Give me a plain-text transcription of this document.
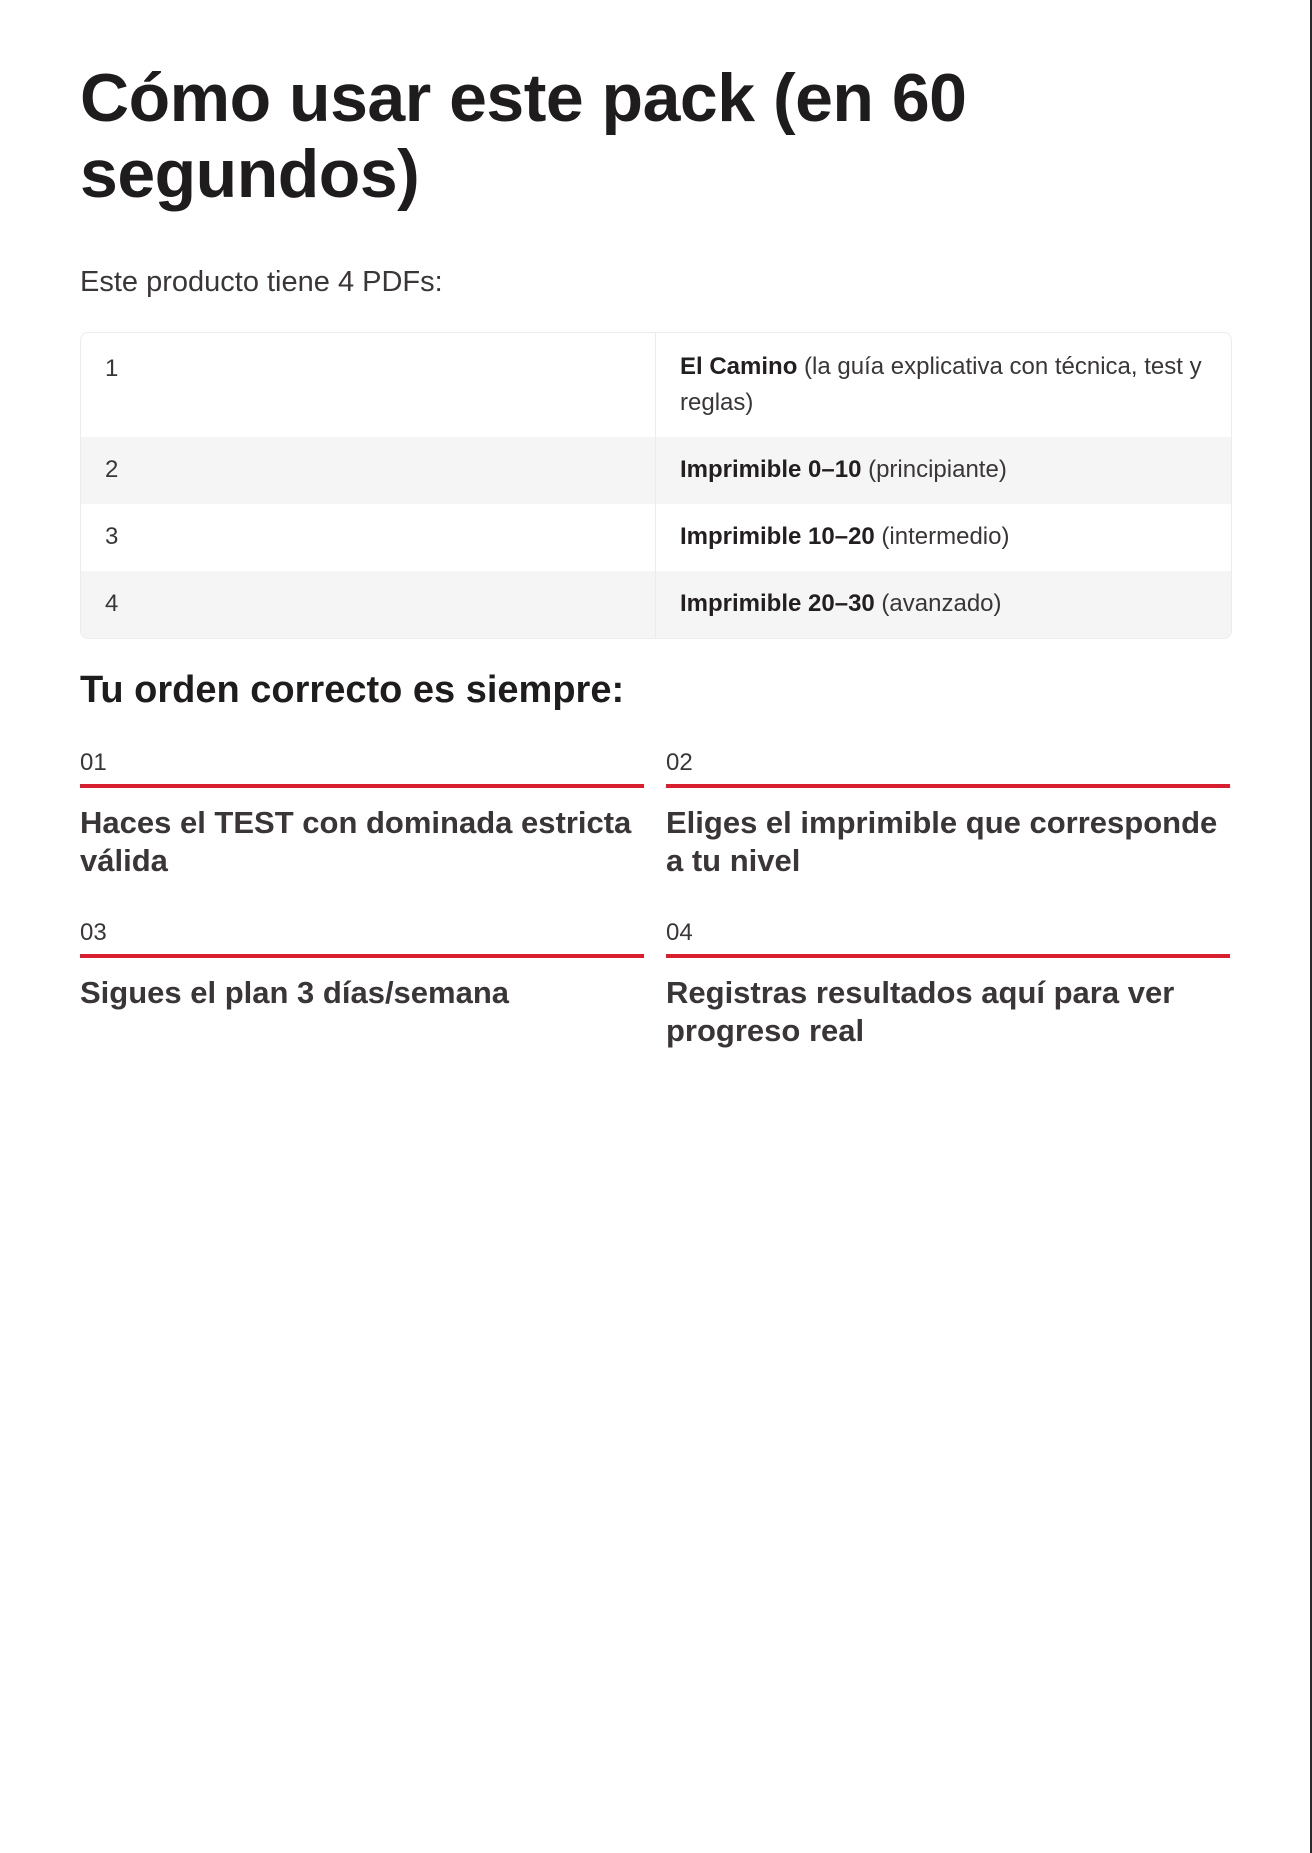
Cómo usar este pack (en 60 segundos)

Este producto tiene 4 PDFs:

1	El Camino (la guía explicativa con técnica, test y reglas)
2	Imprimible 0–10 (principiante)
3	Imprimible 10–20 (intermedio)
4	Imprimible 20–30 (avanzado)
Tu orden correcto es siempre:
01
Haces el TEST con dominada estricta válida
02
Eliges el imprimible que corresponde a tu nivel
03
Sigues el plan 3 días/semana
04
Registras resultados aquí para ver progreso real
